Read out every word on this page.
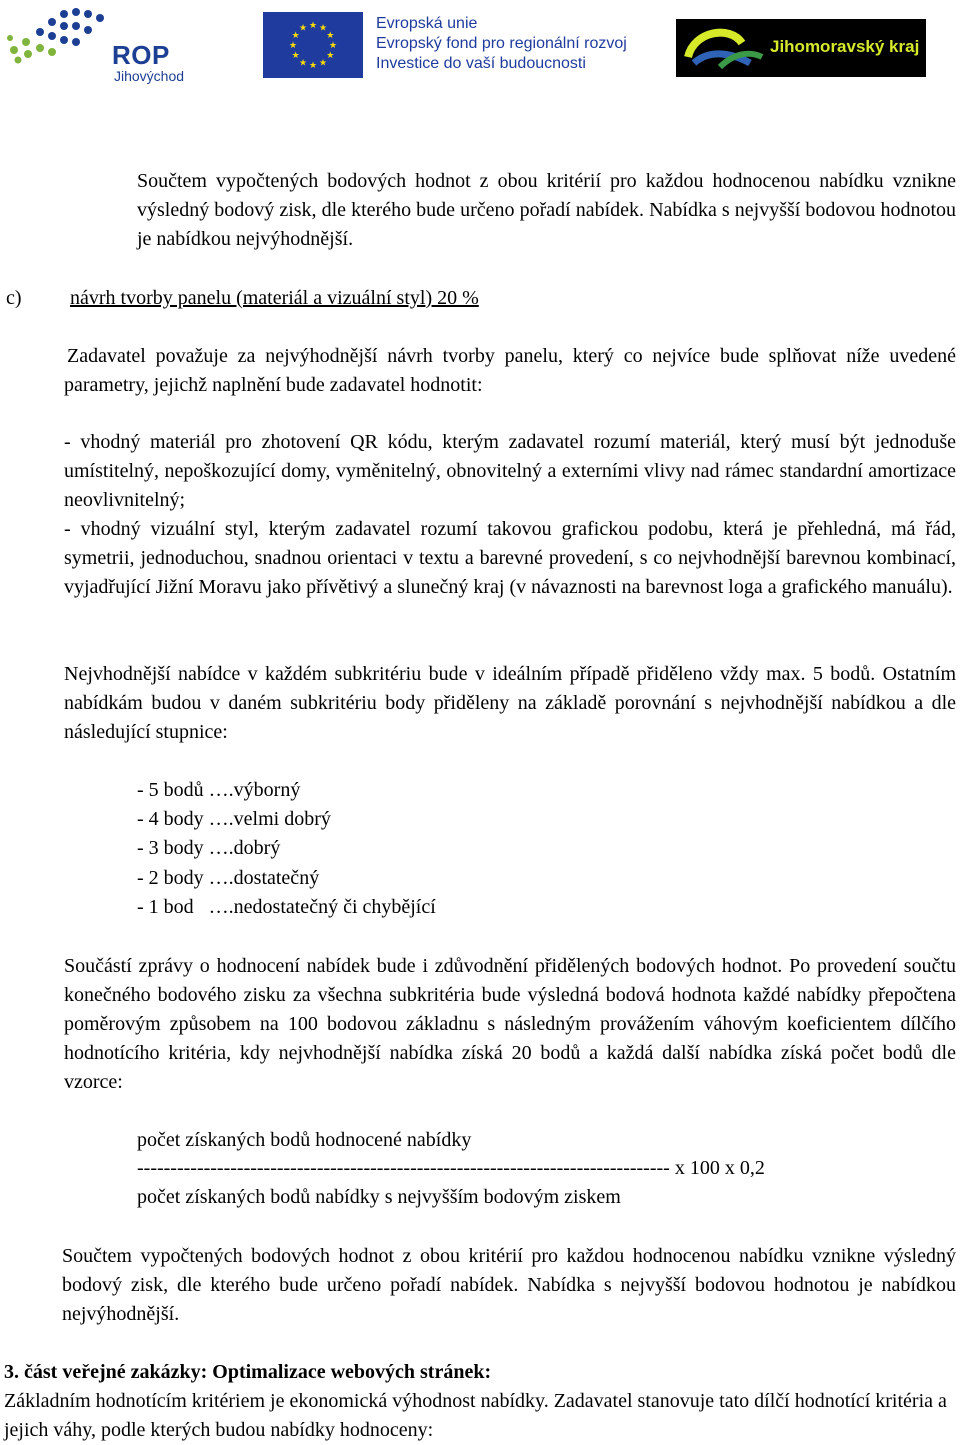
ROP
Jihovýchod
★ ★
★
★
★
★
★
★
★
★
★
★	Evropská unie
Evropský fond pro regionální rozvoj
Investice do vaší budoucnosti
Jihomoravský kraj

Součtem vypočtených bodových hodnot z obou kritérií pro každou hodnocenou nabídku vznikne výsledný bodový zisk, dle kterého bude určeno pořadí nabídek. Nabídka s nejvyšší bodovou hodnotou je nabídkou nejvýhodnější.

c)	návrh tvorby panelu (materiál a vizuální styl) 20 %

Zadavatel považuje za nejvýhodnější návrh tvorby panelu, který co nejvíce bude splňovat níže uvedené parametry, jejichž naplnění bude zadavatel hodnotit:

- vhodný materiál pro zhotovení QR kódu, kterým zadavatel rozumí materiál, který musí být jednoduše umístitelný, nepoškozující domy, vyměnitelný, obnovitelný a externími vlivy nad rámec standardní amortizace neovlivnitelný;

- vhodný vizuální styl, kterým zadavatel rozumí takovou grafickou podobu, která je přehledná, má řád, symetrii, jednoduchou, snadnou orientaci v textu a barevné provedení, s co nejvhodnější barevnou kombinací, vyjadřující Jižní Moravu jako přívětivý a slunečný kraj (v návaznosti na barevnost loga a grafického manuálu).

Nejvhodnější nabídce v každém subkritériu bude v ideálním případě přiděleno vždy max. 5 bodů. Ostatním nabídkám budou v daném subkritériu body přiděleny na základě porovnání s nejvhodnější nabídkou a dle následující stupnice:

- 5 bodů ….výborný
- 4 body ….velmi dobrý
- 3 body ….dobrý
- 2 body ….dostatečný
- 1 bod   ….nedostatečný či chybějící

Součástí zprávy o hodnocení nabídek bude i zdůvodnění přidělených bodových hodnot. Po provedení součtu konečného bodového zisku za všechna subkritéria bude výsledná bodová hodnota každé nabídky přepočtena poměrovým způsobem na 100 bodovou základnu s následným provážením váhovým koeficientem dílčího hodnotícího kritéria, kdy nejvhodnější nabídka získá 20 bodů a každá další nabídka získá počet bodů dle vzorce:

počet získaných bodů hodnocené nabídky
-------------------------------------------------------------------------------- x 100 x 0,2
počet získaných bodů nabídky s nejvyšším bodovým ziskem

Součtem vypočtených bodových hodnot z obou kritérií pro každou hodnocenou nabídku vznikne výsledný bodový zisk, dle kterého bude určeno pořadí nabídek. Nabídka s nejvyšší bodovou hodnotou je nabídkou nejvýhodnější.

3. část veřejné zakázky: Optimalizace webových stránek:

Základním hodnotícím kritériem je ekonomická výhodnost nabídky. Zadavatel stanovuje tato dílčí hodnotící kritéria a jejich váhy, podle kterých budou nabídky hodnoceny:
